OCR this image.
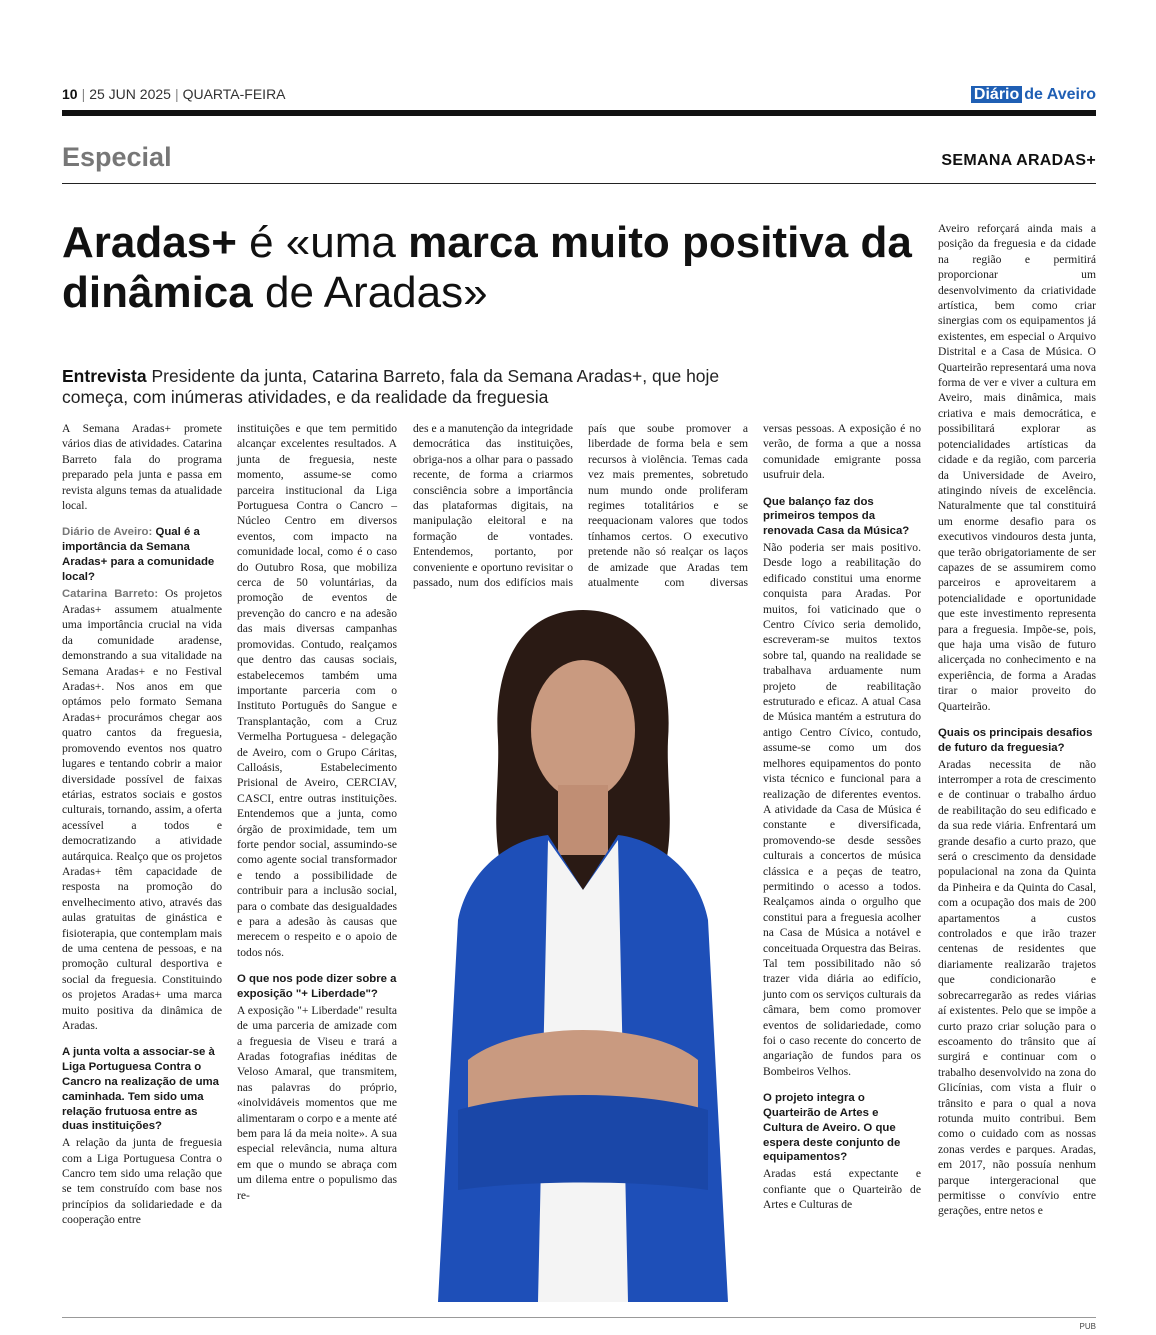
10 | 25 JUN 2025 | QUARTA-FEIRA	Diário de Aveiro
Especial	SEMANA ARADAS+
Aradas+ é «uma marca muito positiva da dinâmica de Aradas»
Entrevista Presidente da junta, Catarina Barreto, fala da Semana Aradas+, que hoje começa, com inúmeras atividades, e da realidade da freguesia

A Semana Aradas+ promete vários dias de atividades. Catarina Barreto fala do programa preparado pela junta e passa em revista alguns temas da atualidade local.

Diário de Aveiro: Qual é a importância da Semana Aradas+ para a comunidade local?

Catarina Barreto: Os projetos Aradas+ assumem atualmente uma importância crucial na vida da comunidade aradense, demonstrando a sua vitalidade na Semana Aradas+ e no Festival Aradas+. Nos anos em que optámos pelo formato Semana Aradas+ procurámos chegar aos quatro cantos da freguesia, promovendo eventos nos quatro lugares e tentando cobrir a maior diversidade possível de faixas etárias, estratos sociais e gostos culturais, tornando, assim, a oferta acessível a todos e democratizando a atividade autárquica. Realço que os projetos Aradas+ têm capacidade de resposta na promoção do envelhecimento ativo, através das aulas gratuitas de ginástica e fisioterapia, que contemplam mais de uma centena de pessoas, e na promoção cultural desportiva e social da freguesia. Constituindo os projetos Aradas+ uma marca muito positiva da dinâmica de Aradas.

A junta volta a associar-se à Liga Portuguesa Contra o Cancro na realização de uma caminhada. Tem sido uma relação frutuosa entre as duas instituições?

A relação da junta de freguesia com a Liga Portuguesa Contra o Cancro tem sido uma relação que se tem construído com base nos princípios da solidariedade e da cooperação entre

instituições e que tem permitido alcançar excelentes resultados. A junta de freguesia, neste momento, assume-se como parceira institucional da Liga Portuguesa Contra o Cancro – Núcleo Centro em diversos eventos, com impacto na comunidade local, como é o caso do Outubro Rosa, que mobiliza cerca de 50 voluntárias, da promoção de eventos de prevenção do cancro e na adesão das mais diversas campanhas promovidas. Contudo, realçamos que dentro das causas sociais, estabelecemos também uma importante parceria com o Instituto Português do Sangue e Transplantação, com a Cruz Vermelha Portuguesa - delegação de Aveiro, com o Grupo Cáritas, Calloásis, Estabelecimento Prisional de Aveiro, CERCIAV, CASCI, entre outras instituições. Entendemos que a junta, como órgão de proximidade, tem um forte pendor social, assumindo-se como agente social transformador e tendo a possibilidade de contribuir para a inclusão social, para o combate das desigualdades e para a adesão às causas que merecem o respeito e o apoio de todos nós.

O que nos pode dizer sobre a exposição "+ Liberdade"?

A exposição "+ Liberdade" resulta de uma parceria de amizade com a freguesia de Viseu e trará a Aradas fotografias inéditas de Veloso Amaral, que transmitem, nas palavras do próprio, «inolvidáveis momentos que me alimentaram o corpo e a mente até bem para lá da meia noite». A sua especial relevância, numa altura em que o mundo se abraça com um dilema entre o populismo das re-

des e a manutenção da integridade democrática das instituições, obriga-nos a olhar para o passado recente, de forma a criarmos consciência sobre a importância das plataformas digitais, na manipulação eleitoral e na formação de vontades. Entendemos, portanto, por conveniente e oportuno revisitar o passado, num dos edifícios mais

país que soube promover a liberdade de forma bela e sem recursos à violência. Temas cada vez mais prementes, sobretudo num mundo onde proliferam regimes totalitários e se reequacionam valores que todos tínhamos certos. O executivo pretende não só realçar os laços de amizade que Aradas tem atualmente com diversas

versas pessoas. A exposição é no verão, de forma a que a nossa comunidade emigrante possa usufruir dela.

Que balanço faz dos primeiros tempos da renovada Casa da Música?

Não poderia ser mais positivo. Desde logo a reabilitação do edificado constitui uma enorme conquista para Aradas. Por muitos, foi vaticinado que o Centro Cívico seria demolido, escreveram-se muitos textos sobre tal, quando na realidade se trabalhava arduamente num projeto de reabilitação estruturado e eficaz. A atual Casa de Música mantém a estrutura do antigo Centro Cívico, contudo, assume-se como um dos melhores equipamentos do ponto vista técnico e funcional para a realização de diferentes eventos. A atividade da Casa de Música é constante e diversificada, promovendo-se desde sessões culturais a concertos de música clássica e a peças de teatro, permitindo o acesso a todos. Realçamos ainda o orgulho que constitui para a freguesia acolher na Casa de Música a notável e conceituada Orquestra das Beiras. Tal tem possibilitado não só trazer vida diária ao edifício, junto com os serviços culturais da câmara, bem como promover eventos de solidariedade, como foi o caso recente do concerto de angariação de fundos para os Bombeiros Velhos.

O projeto integra o Quarteirão de Artes e Cultura de Aveiro. O que espera deste conjunto de equipamentos?

Aradas está expectante e confiante que o Quarteirão de Artes e Culturas de

Aveiro reforçará ainda mais a posição da freguesia e da cidade na região e permitirá proporcionar um desenvolvimento da criatividade artística, bem como criar sinergias com os equipamentos já existentes, em especial o Arquivo Distrital e a Casa de Música. O Quarteirão representará uma nova forma de ver e viver a cultura em Aveiro, mais dinâmica, mais criativa e mais democrática, e possibilitará explorar as potencialidades artísticas da cidade e da região, com parceria da Universidade de Aveiro, atingindo níveis de excelência. Naturalmente que tal constituirá um enorme desafio para os executivos vindouros desta junta, que terão obrigatoriamente de ser capazes de se assumirem como parceiros e aproveitarem a potencialidade e oportunidade que este investimento representa para a freguesia. Impõe-se, pois, que haja uma visão de futuro alicerçada no conhecimento e na experiência, de forma a Aradas tirar o maior proveito do Quarteirão.

Quais os principais desafios de futuro da freguesia?

Aradas necessita de não interromper a rota de crescimento e de continuar o trabalho árduo de reabilitação do seu edificado e da sua rede viária. Enfrentará um grande desafio a curto prazo, que será o crescimento da densidade populacional na zona da Quinta da Pinheira e da Quinta do Casal, com a ocupação dos mais de 200 apartamentos a custos controlados e que irão trazer centenas de residentes que diariamente realizarão trajetos que condicionarão e sobrecarregarão as redes viárias aí existentes. Pelo que se impõe a curto prazo criar solução para o escoamento do trânsito que aí surgirá e continuar com o trabalho desenvolvido na zona do Glicínias, com vista a fluir o trânsito e para o qual a nova rotunda muito contribui. Bem como o cuidado com as nossas zonas verdes e parques. Aradas, em 2017, não possuía nenhum parque intergeracional que permitisse o convívio entre gerações, entre netos e

PUB
